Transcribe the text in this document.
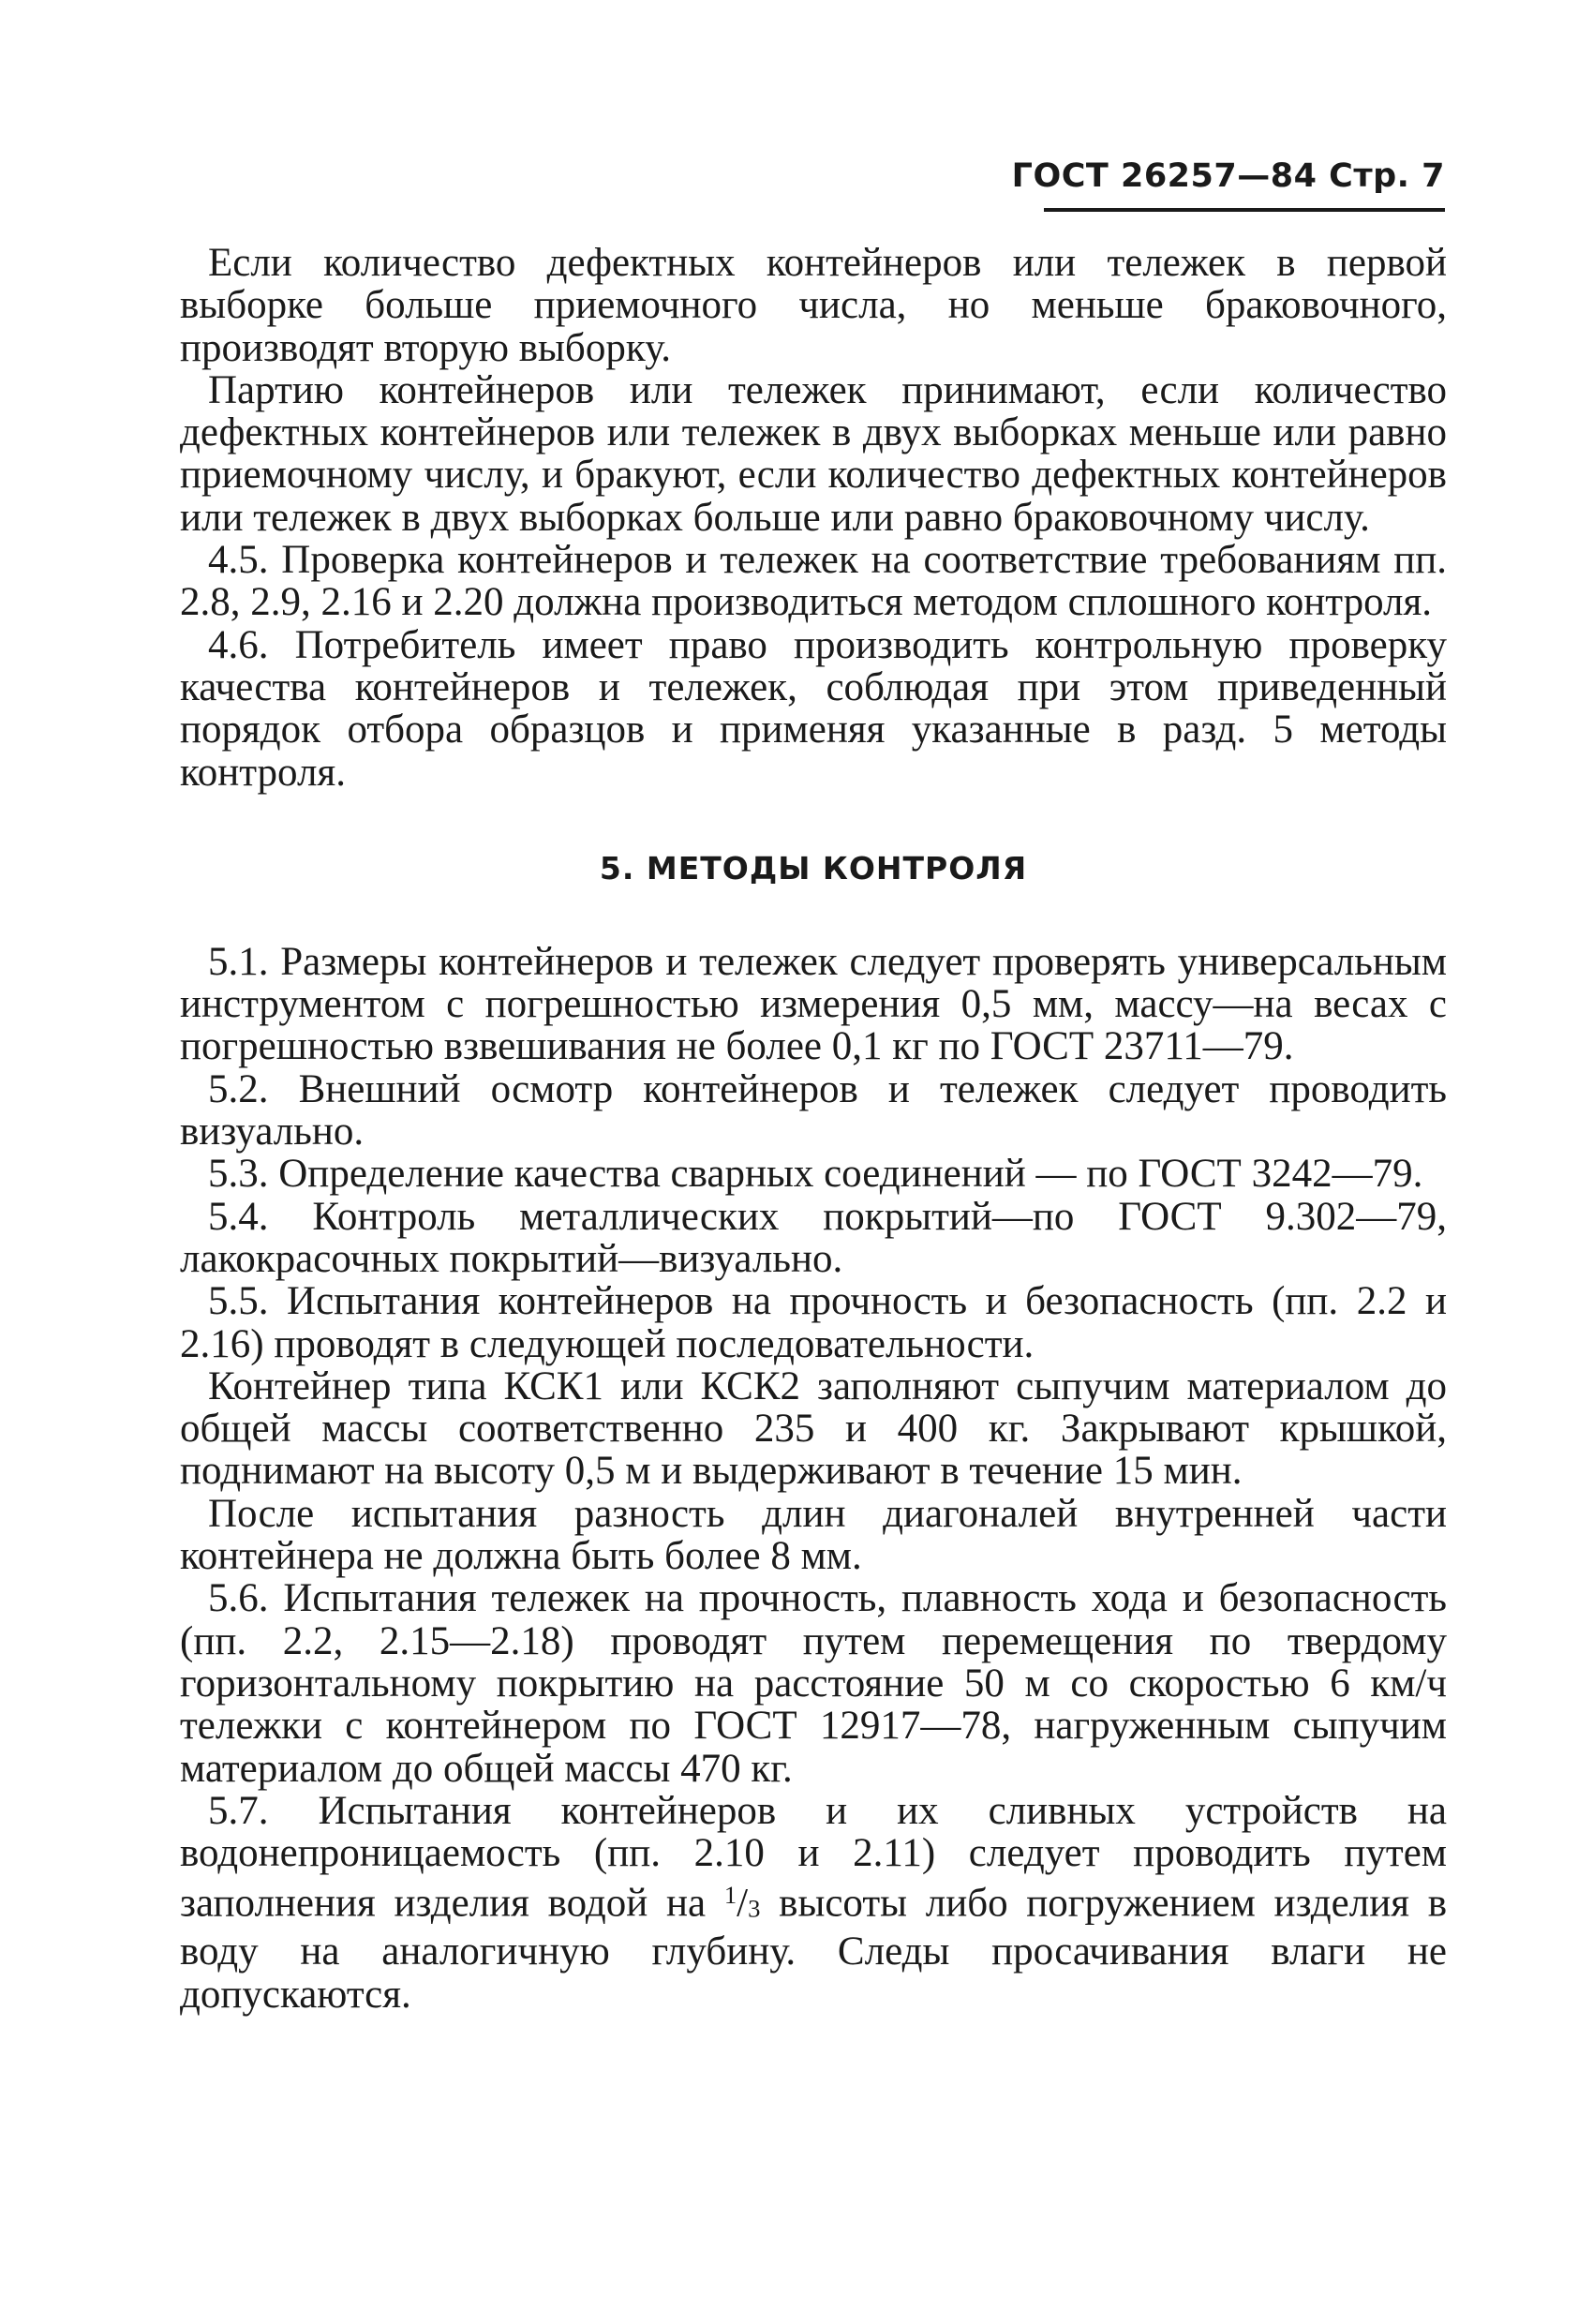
ГОСТ 26257—84 Стр. 7

Если количество дефектных контейнеров или тележек в первой выборке больше приемочного числа, но меньше браковочного, производят вторую выборку.

Партию контейнеров или тележек принимают, если количество дефектных контейнеров или тележек в двух выборках меньше или равно приемочному числу, и бракуют, если количество дефектных контейнеров или тележек в двух выборках больше или равно браковочному числу.

4.5. Проверка контейнеров и тележек на соответствие требованиям пп. 2.8, 2.9, 2.16 и 2.20 должна производиться методом сплошного контроля.

4.6. Потребитель имеет право производить контрольную проверку качества контейнеров и тележек, соблюдая при этом приведенный порядок отбора образцов и применяя указанные в разд. 5 методы контроля.

5. МЕТОДЫ КОНТРОЛЯ

5.1. Размеры контейнеров и тележек следует проверять универсальным инструментом с погрешностью измерения 0,5 мм, массу—на весах с погрешностью взвешивания не более 0,1 кг по ГОСТ 23711—79.

5.2. Внешний осмотр контейнеров и тележек следует проводить визуально.

5.3. Определение качества сварных соединений — по ГОСТ 3242—79.

5.4. Контроль металлических покрытий—по ГОСТ 9.302—79, лакокрасочных покрытий—визуально.

5.5. Испытания контейнеров на прочность и безопасность (пп. 2.2 и 2.16) проводят в следующей последовательности.

Контейнер типа КСК1 или КСК2 заполняют сыпучим материалом до общей массы соответственно 235 и 400 кг. Закрывают крышкой, поднимают на высоту 0,5 м и выдерживают в течение 15 мин.

После испытания разность длин диагоналей внутренней части контейнера не должна быть более 8 мм.

5.6. Испытания тележек на прочность, плавность хода и безопасность (пп. 2.2, 2.15—2.18) проводят путем перемещения по твердому горизонтальному покрытию на расстояние 50 м со скоростью 6 км/ч тележки с контейнером по ГОСТ 12917—78, нагруженным сыпучим материалом до общей массы 470 кг.

5.7. Испытания контейнеров и их сливных устройств на водонепроницаемость (пп. 2.10 и 2.11) следует проводить путем заполнения изделия водой на $^1$/3 высоты либо погружением изделия в воду на аналогичную глубину. Следы просачивания влаги не допускаются.
